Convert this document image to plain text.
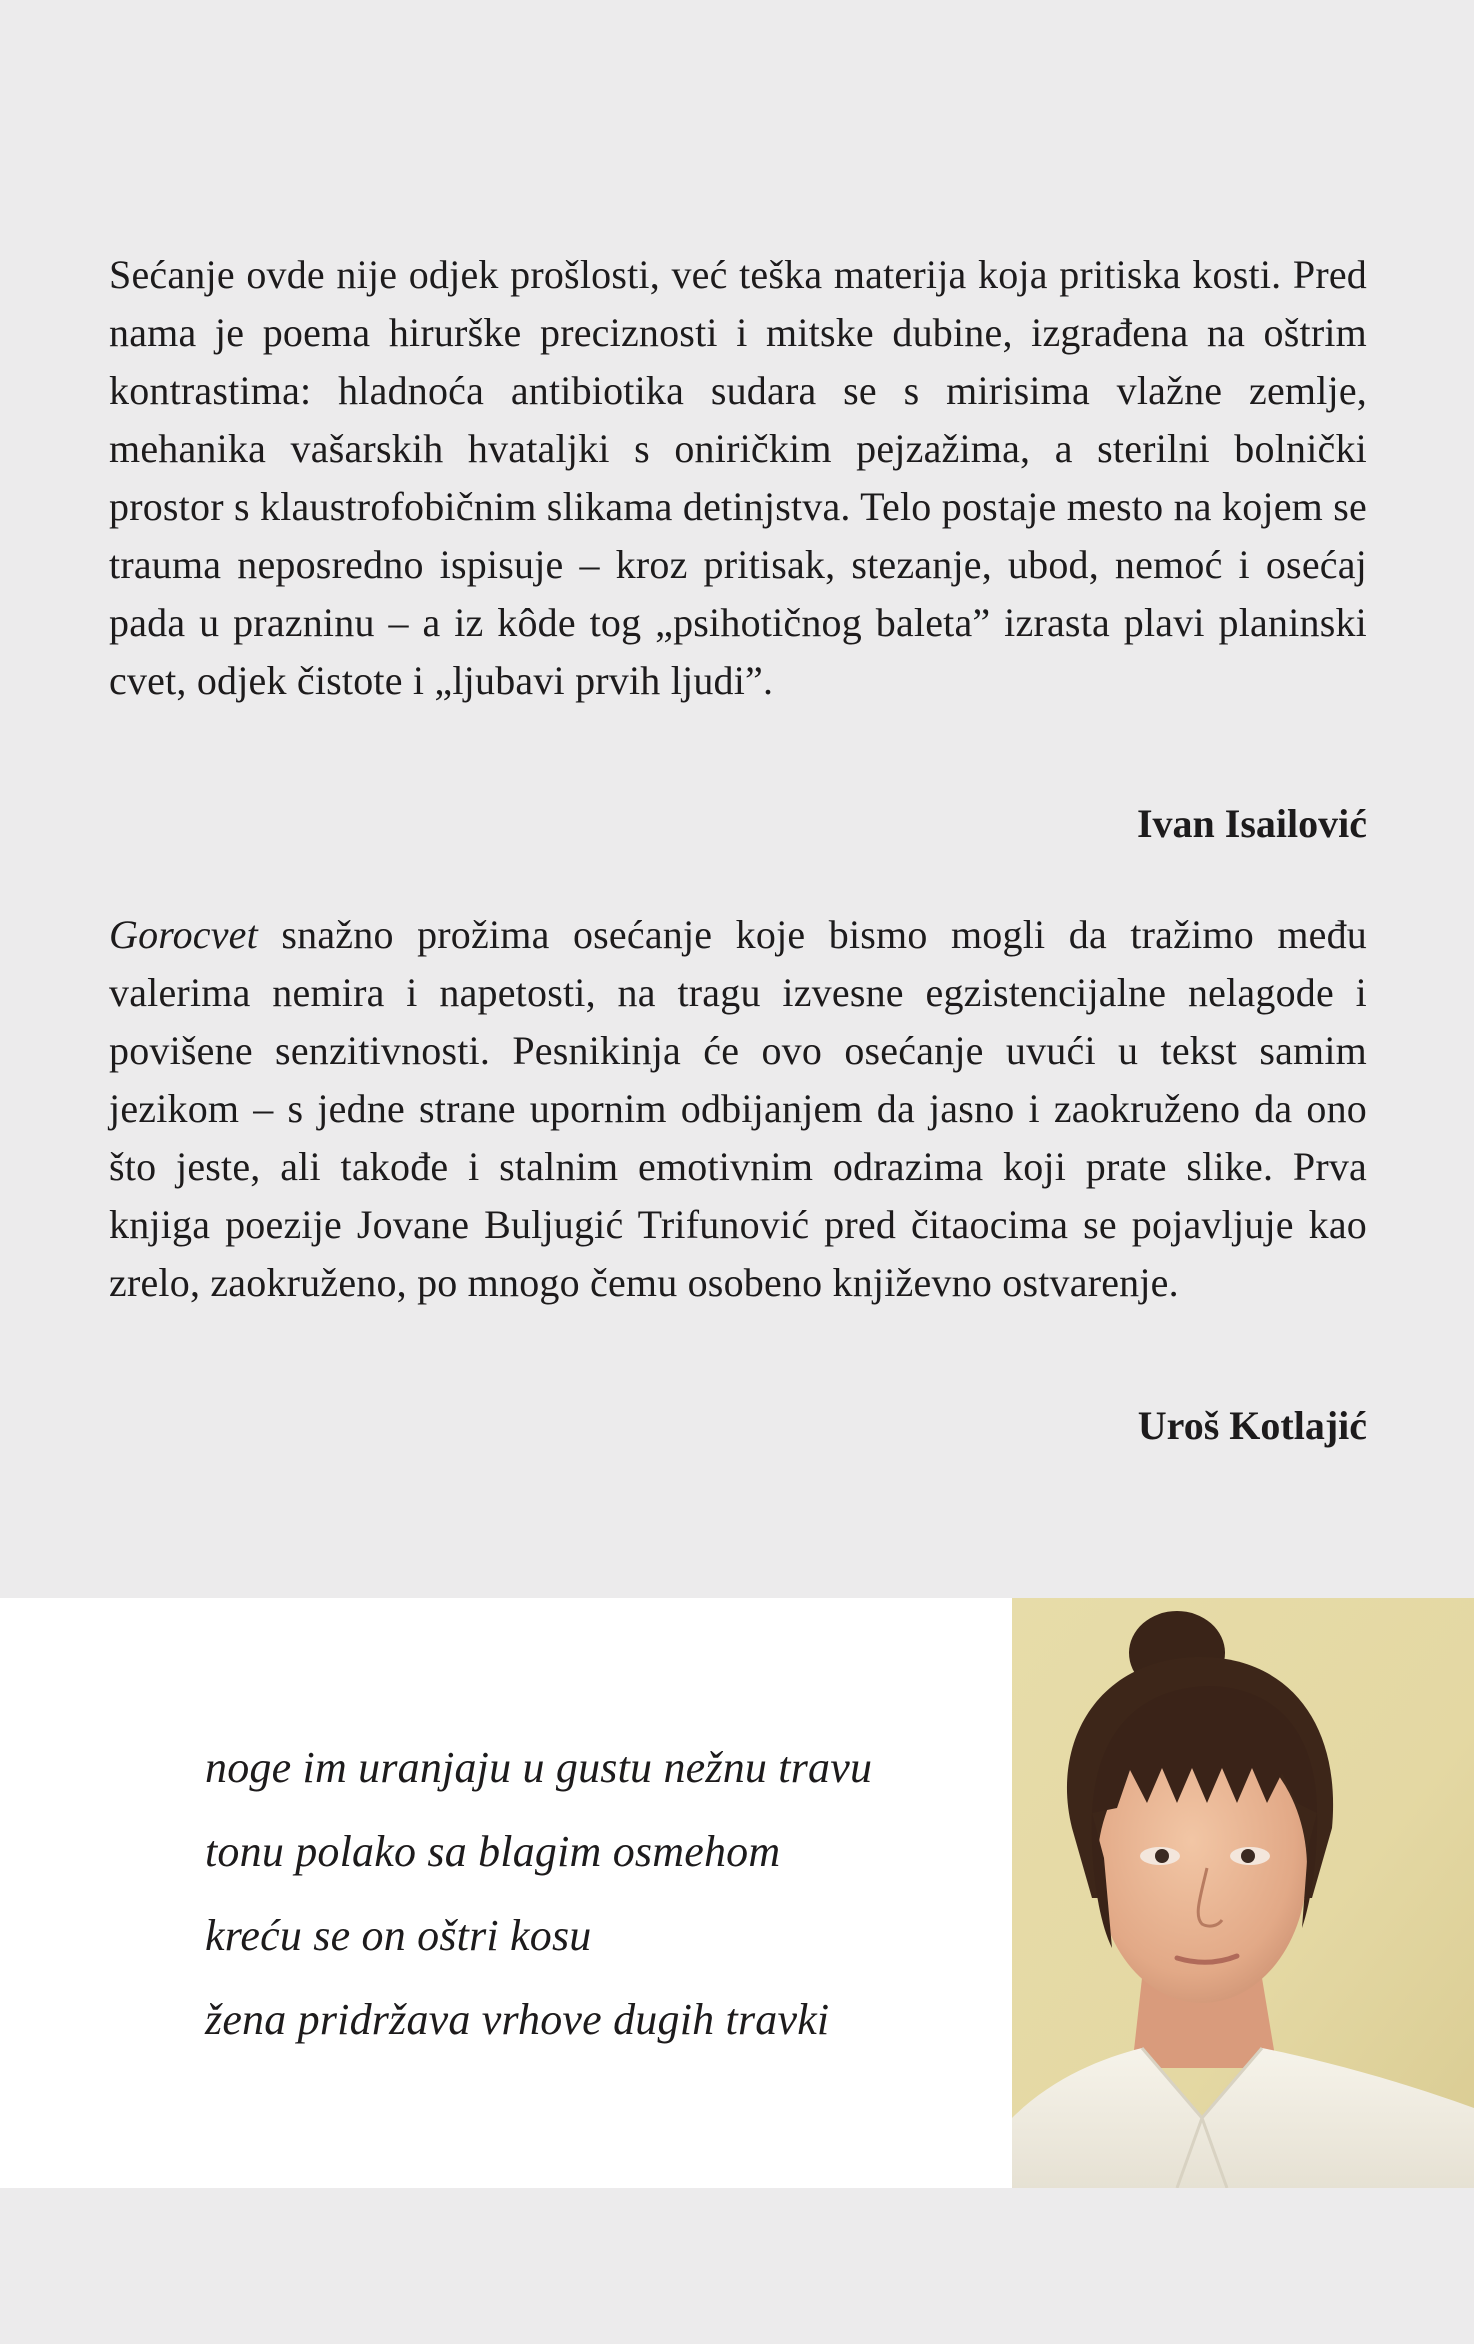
Sećanje ovde nije odjek prošlosti, već teška materija koja pritiska kosti. Pred nama je poema hirurške preciznosti i mitske dubine, izgrađena na oštrim kontrastima: hladnoća antibiotika sudara se s mirisima vlažne zemlje, mehanika vašarskih hvataljki s oniričkim pejzažima, a sterilni bolnički prostor s klaustrofobičnim slikama detinjstva. Telo postaje mesto na kojem se trauma neposredno ispisuje – kroz pritisak, stezanje, ubod, nemoć i osećaj pada u prazninu – a iz kôde tog „psihotičnog baleta” izrasta plavi planinski cvet, odjek čistote i „ljubavi prvih ljudi”.

Ivan Isailović

Gorocvet snažno prožima osećanje koje bismo mogli da tražimo među valerima nemira i napetosti, na tragu izvesne egzistencijalne nelagode i povišene senzitivnosti. Pesnikinja će ovo osećanje uvući u tekst samim jezikom – s jedne strane upornim odbijanjem da jasno i zaokruženo da ono što jeste, ali takođe i stalnim emotivnim odrazima koji prate slike. Prva knjiga poezije Jovane Buljugić Trifunović pred čitaocima se pojavljuje kao zrelo, zaokruženo, po mnogo čemu osobeno književno ostvarenje.

Uroš Kotlajić

noge im uranjaju u gustu nežnu travu
tonu polako sa blagim osmehom
kreću se on oštri kosu
žena pridržava vrhove dugih travki
